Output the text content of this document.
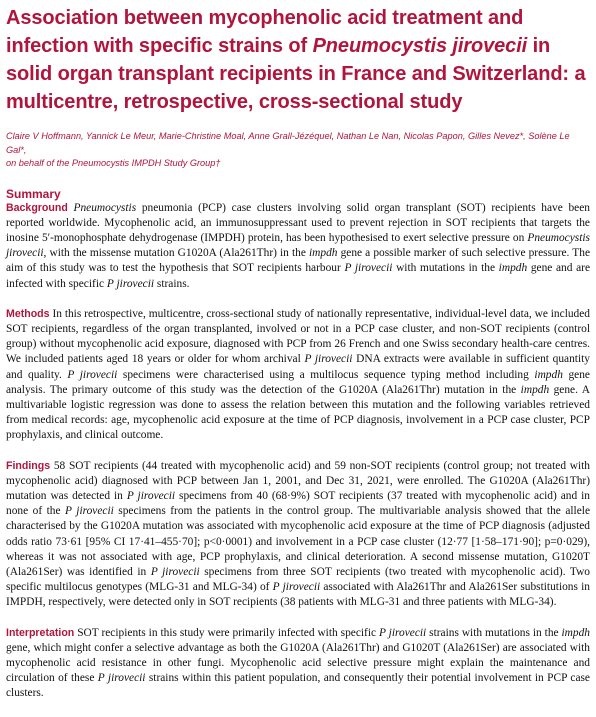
Association between mycophenolic acid treatment and infection with specific strains of Pneumocystis jirovecii in solid organ transplant recipients in France and Switzerland: a multicentre, retrospective, cross-sectional study
Claire V Hoffmann, Yannick Le Meur, Marie-Christine Moal, Anne Grall-Jézéquel, Nathan Le Nan, Nicolas Papon, Gilles Nevez*, Solène Le Gal*,
on behalf of the Pneumocystis IMPDH Study Group†
Summary

Background Pneumocystis pneumonia (PCP) case clusters involving solid organ transplant (SOT) recipients have been reported worldwide. Mycophenolic acid, an immunosuppressant used to prevent rejection in SOT recipients that targets the inosine 5′-monophosphate dehydrogenase (IMPDH) protein, has been hypothesised to exert selective pressure on Pneumocystis jirovecii, with the missense mutation G1020A (Ala261Thr) in the impdh gene a possible marker of such selective pressure. The aim of this study was to test the hypothesis that SOT recipients harbour P jirovecii with mutations in the impdh gene and are infected with specific P jirovecii strains.

Methods In this retrospective, multicentre, cross-sectional study of nationally representative, individual-level data, we included SOT recipients, regardless of the organ transplanted, involved or not in a PCP case cluster, and non-SOT recipients (control group) without mycophenolic acid exposure, diagnosed with PCP from 26 French and one Swiss secondary health-care centres. We included patients aged 18 years or older for whom archival P jirovecii DNA extracts were available in sufficient quantity and quality. P jirovecii specimens were characterised using a multilocus sequence typing method including impdh gene analysis. The primary outcome of this study was the detection of the G1020A (Ala261Thr) mutation in the impdh gene. A multivariable logistic regression was done to assess the relation between this mutation and the following variables retrieved from medical records: age, mycophenolic acid exposure at the time of PCP diagnosis, involvement in a PCP case cluster, PCP prophylaxis, and clinical outcome.

Findings 58 SOT recipients (44 treated with mycophenolic acid) and 59 non-SOT recipients (control group; not treated with mycophenolic acid) diagnosed with PCP between Jan 1, 2001, and Dec 31, 2021, were enrolled. The G1020A (Ala261Thr) mutation was detected in P jirovecii specimens from 40 (68·9%) SOT recipients (37 treated with mycophenolic acid) and in none of the P jirovecii specimens from the patients in the control group. The multivariable analysis showed that the allele characterised by the G1020A mutation was associated with mycophenolic acid exposure at the time of PCP diagnosis (adjusted odds ratio 73·61 [95% CI 17·41–455·70]; p<0·0001) and involvement in a PCP case cluster (12·77 [1·58–171·90]; p=0·029), whereas it was not associated with age, PCP prophylaxis, and clinical deterioration. A second missense mutation, G1020T (Ala261Ser) was identified in P jirovecii specimens from three SOT recipients (two treated with mycophenolic acid). Two specific multilocus genotypes (MLG-31 and MLG-34) of P jirovecii associated with Ala261Thr and Ala261Ser substitutions in IMPDH, respectively, were detected only in SOT recipients (38 patients with MLG-31 and three patients with MLG-34).

Interpretation SOT recipients in this study were primarily infected with specific P jirovecii strains with mutations in the impdh gene, which might confer a selective advantage as both the G1020A (Ala261Thr) and G1020T (Ala261Ser) are associated with mycophenolic acid resistance in other fungi. Mycophenolic acid selective pressure might explain the maintenance and circulation of these P jirovecii strains within this patient population, and consequently their potential involvement in PCP case clusters.
